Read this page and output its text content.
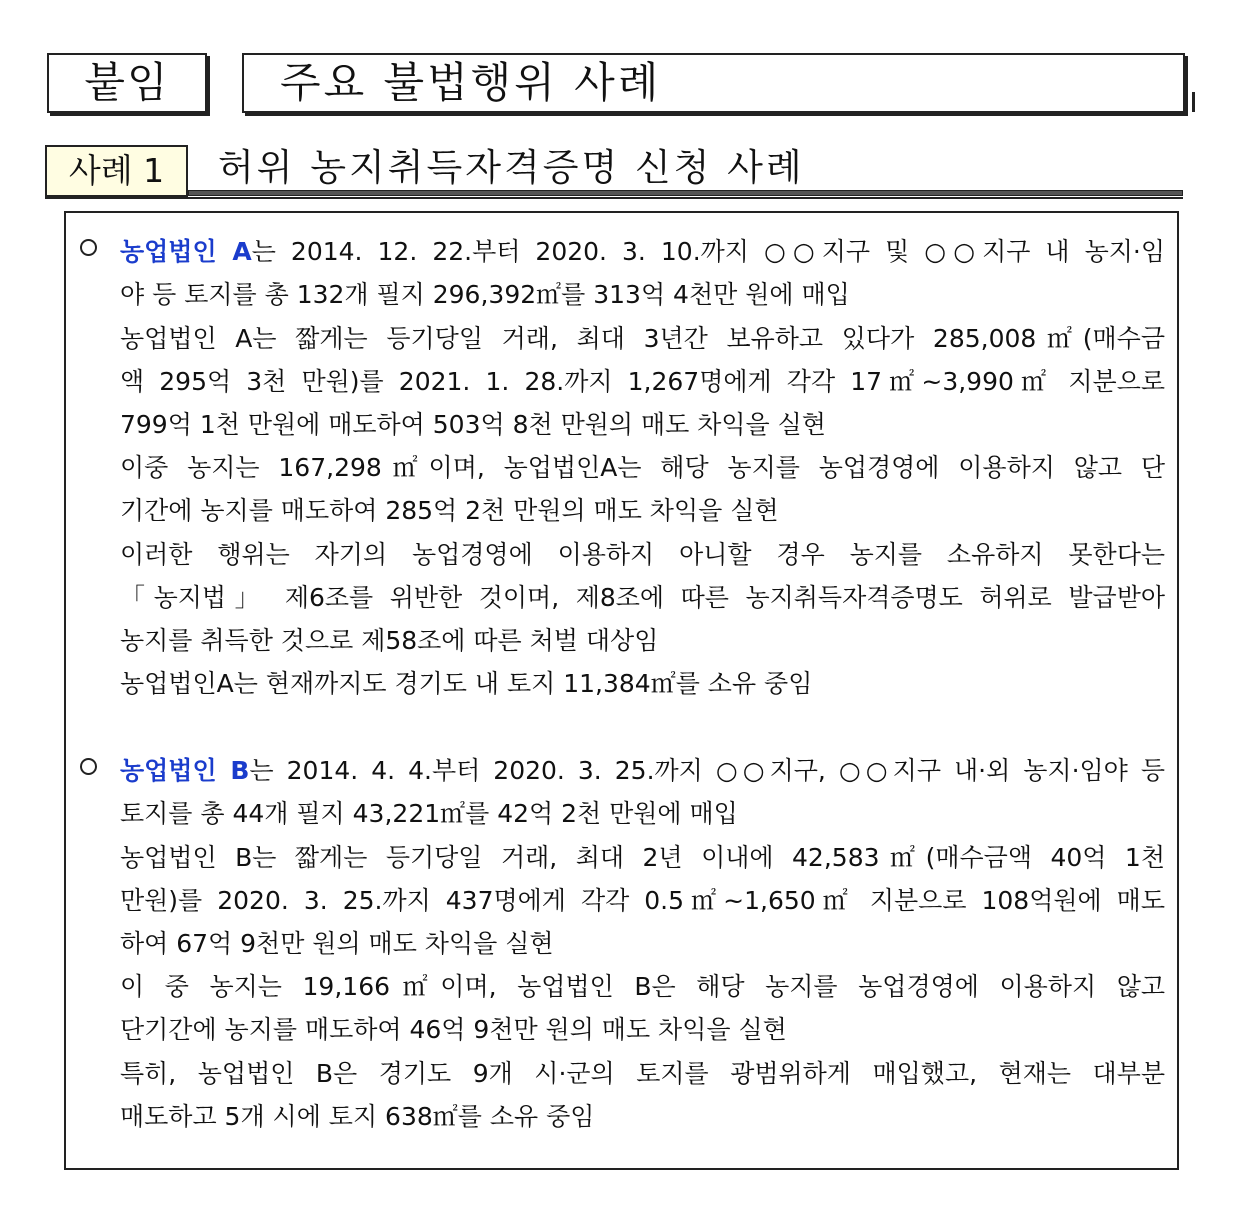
붙임	주요 불법행위 사례
사례 1	허위 농지취득자격증명 신청 사례
농업법인 A는 2014. 12. 22.부터 2020. 3. 10.까지 ○○지구 및 ○○지구 내 농지·임
야 등 토지를 총 132개 필지 296,392㎡를 313억 4천만 원에 매입
농업법인 A는 짧게는 등기당일 거래, 최대 3년간 보유하고 있다가 285,008㎡(매수금
액 295억 3천 만원)를 2021. 1. 28.까지 1,267명에게 각각 17㎡~3,990㎡ 지분으로
799억 1천 만원에 매도하여 503억 8천 만원의 매도 차익을 실현
이중 농지는 167,298㎡이며, 농업법인A는 해당 농지를 농업경영에 이용하지 않고 단
기간에 농지를 매도하여 285억 2천 만원의 매도 차익을 실현
이러한 행위는 자기의 농업경영에 이용하지 아니할 경우 농지를 소유하지 못한다는
「농지법」 제6조를 위반한 것이며, 제8조에 따른 농지취득자격증명도 허위로 발급받아
농지를 취득한 것으로 제58조에 따른 처벌 대상임
농업법인A는 현재까지도 경기도 내 토지 11,384㎡를 소유 중임
농업법인 B는 2014. 4. 4.부터 2020. 3. 25.까지 ○○지구, ○○지구 내·외 농지·임야 등
토지를 총 44개 필지 43,221㎡를 42억 2천 만원에 매입
농업법인 B는 짧게는 등기당일 거래, 최대 2년 이내에 42,583㎡(매수금액 40억 1천
만원)를 2020. 3. 25.까지 437명에게 각각 0.5㎡~1,650㎡ 지분으로 108억원에 매도
하여 67억 9천만 원의 매도 차익을 실현
이 중 농지는 19,166㎡이며, 농업법인 B은 해당 농지를 농업경영에 이용하지 않고
단기간에 농지를 매도하여 46억 9천만 원의 매도 차익을 실현
특히, 농업법인 B은 경기도 9개 시·군의 토지를 광범위하게 매입했고, 현재는 대부분
매도하고 5개 시에 토지 638㎡를 소유 중임
